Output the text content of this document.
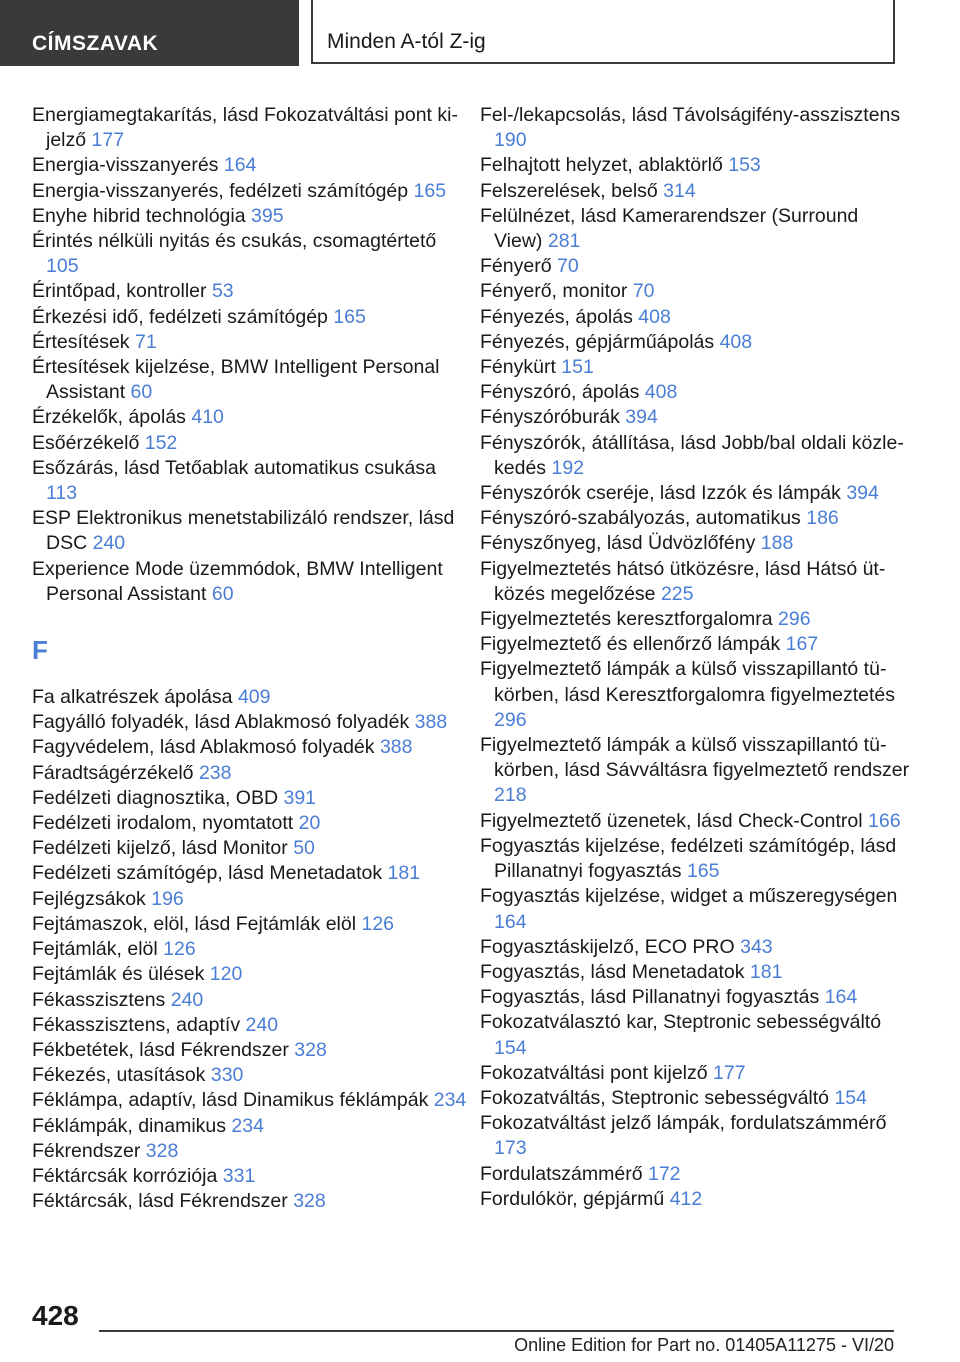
CÍMSZAVAK	Minden A-tól Z-ig
Energiamegtakarítás, lásd Fokozatváltási pont kijelző 177
Energia-visszanyerés 164
Energia-visszanyerés, fedélzeti számítógép 165
Enyhe hibrid technológia 395
Érintés nélküli nyitás és csukás, csomagtértető 105
Érintőpad, kontroller 53
Érkezési idő, fedélzeti számítógép 165
Értesítések 71
Értesítések kijelzése, BMW Intelligent Personal Assistant 60
Érzékelők, ápolás 410
Esőérzékelő 152
Esőzárás, lásd Tetőablak automatikus csukása 113
ESP Elektronikus menetstabilizáló rendszer, lásd DSC 240
Experience Mode üzemmódok, BMW Intelligent Personal Assistant 60
F
Fa alkatrészek ápolása 409
Fagyálló folyadék, lásd Ablakmosó folyadék 388
Fagyvédelem, lásd Ablakmosó folyadék 388
Fáradtságérzékelő 238
Fedélzeti diagnosztika, OBD 391
Fedélzeti irodalom, nyomtatott 20
Fedélzeti kijelző, lásd Monitor 50
Fedélzeti számítógép, lásd Menetadatok 181
Fejlégzsákok 196
Fejtámaszok, elöl, lásd Fejtámlák elöl 126
Fejtámlák, elöl 126
Fejtámlák és ülések 120
Fékasszisztens 240
Fékasszisztens, adaptív 240
Fékbetétek, lásd Fékrendszer 328
Fékezés, utasítások 330
Féklámpa, adaptív, lásd Dinamikus féklámpák 234
Féklámpák, dinamikus 234
Fékrendszer 328
Féktárcsák korróziója 331
Féktárcsák, lásd Fékrendszer 328
Fel-/lekapcsolás, lásd Távolságifény-asszisztens 190
Felhajtott helyzet, ablaktörlő 153
Felszerelések, belső 314
Felülnézet, lásd Kamerarendszer (Surround View) 281
Fényerő 70
Fényerő, monitor 70
Fényezés, ápolás 408
Fényezés, gépjárműápolás 408
Fénykürt 151
Fényszóró, ápolás 408
Fényszóróburák 394
Fényszórók, átállítása, lásd Jobb/bal oldali közlekedés 192
Fényszórók cseréje, lásd Izzók és lámpák 394
Fényszóró-szabályozás, automatikus 186
Fényszőnyeg, lásd Üdvözlőfény 188
Figyelmeztetés hátsó ütközésre, lásd Hátsó ütközés megelőzése 225
Figyelmeztetés keresztforgalomra 296
Figyelmeztető és ellenőrző lámpák 167
Figyelmeztető lámpák a külső visszapillantó tükörben, lásd Keresztforgalomra figyelmeztetés 296
Figyelmeztető lámpák a külső visszapillantó tükörben, lásd Sávváltásra figyelmeztető rendszer 218
Figyelmeztető üzenetek, lásd Check-Control 166
Fogyasztás kijelzése, fedélzeti számítógép, lásd Pillanatnyi fogyasztás 165
Fogyasztás kijelzése, widget a műszeregységen 164
Fogyasztáskijelző, ECO PRO 343
Fogyasztás, lásd Menetadatok 181
Fogyasztás, lásd Pillanatnyi fogyasztás 164
Fokozatválasztó kar, Steptronic sebességváltó 154
Fokozatváltási pont kijelző 177
Fokozatváltás, Steptronic sebességváltó 154
Fokozatváltást jelző lámpák, fordulatszámmérő 173
Fordulatszámmérő 172
Fordulókör, gépjármű 412
428
Online Edition for Part no. 01405A11275 - VI/20
